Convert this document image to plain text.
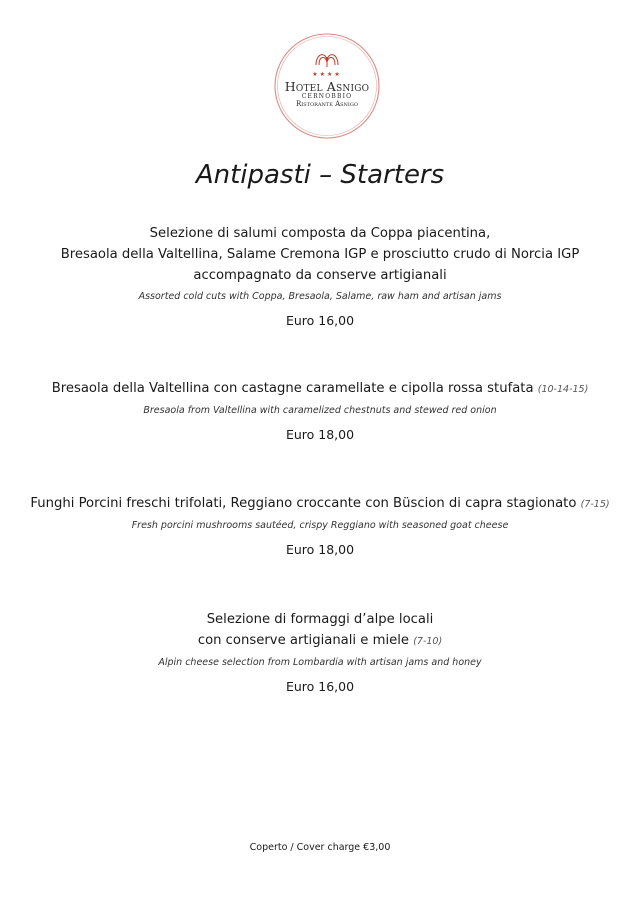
★★★★
Hotel Asnigo
CERNOBBIO
Ristorante Asnigo
Antipasti – Starters
Selezione di salumi composta da Coppa piacentina,
Bresaola della Valtellina, Salame Cremona IGP e prosciutto crudo di Norcia IGP
accompagnato da conserve artigianali
Assorted cold cuts with Coppa, Bresaola, Salame, raw ham and artisan jams
Euro 16,00
Bresaola della Valtellina con castagne caramellate e cipolla rossa stufata (10-14-15)
Bresaola from Valtellina with caramelized chestnuts and stewed red onion
Euro 18,00
Funghi Porcini freschi trifolati, Reggiano croccante con Büscion di capra stagionato (7-15)
Fresh porcini mushrooms sautéed, crispy Reggiano with seasoned goat cheese
Euro 18,00
Selezione di formaggi d’alpe locali
con conserve artigianali e miele (7-10)
Alpin cheese selection from Lombardia with artisan jams and honey
Euro 16,00
Coperto / Cover charge €3,00
